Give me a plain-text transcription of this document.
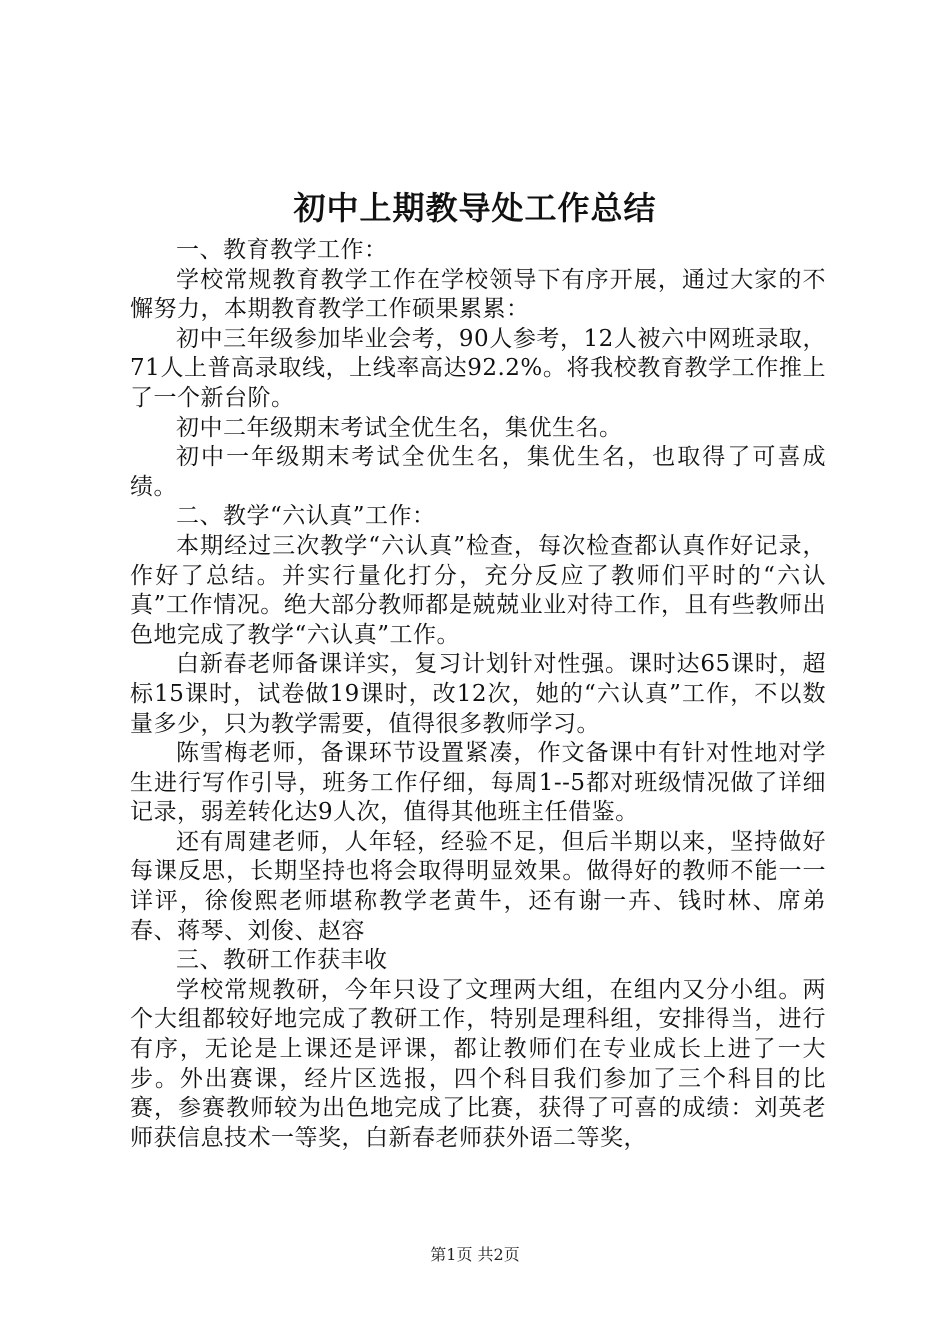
初中上期教导处工作总结

一、教育教学工作：

学校常规教育教学工作在学校领导下有序开展，通过大家的不懈努力，本期教育教学工作硕果累累：

初中三年级参加毕业会考，90人参考，12人被六中网班录取，71人上普高录取线，上线率高达92.2%。将我校教育教学工作推上了一个新台阶。

初中二年级期末考试全优生名，集优生名。

初中一年级期末考试全优生名，集优生名，也取得了可喜成绩。

二、教学“六认真”工作：

本期经过三次教学“六认真”检查，每次检查都认真作好记录，作好了总结。并实行量化打分，充分反应了教师们平时的“六认真”工作情况。绝大部分教师都是兢兢业业对待工作，且有些教师出色地完成了教学“六认真”工作。

白新春老师备课详实，复习计划针对性强。课时达65课时，超标15课时，试卷做19课时，改12次，她的“六认真”工作，不以数量多少，只为教学需要，值得很多教师学习。

陈雪梅老师，备课环节设置紧凑，作文备课中有针对性地对学生进行写作引导，班务工作仔细，每周1--5都对班级情况做了详细记录，弱差转化达9人次，值得其他班主任借鉴。

还有周建老师，人年轻，经验不足，但后半期以来，坚持做好每课反思，长期坚持也将会取得明显效果。做得好的教师不能一一详评，徐俊熙老师堪称教学老黄牛，还有谢一卉、钱时林、席弟春、蒋琴、刘俊、赵容

三、教研工作获丰收

学校常规教研，今年只设了文理两大组，在组内又分小组。两个大组都较好地完成了教研工作，特别是理科组，安排得当，进行有序，无论是上课还是评课，都让教师们在专业成长上进了一大步。外出赛课，经片区选报，四个科目我们参加了三个科目的比赛，参赛教师较为出色地完成了比赛，获得了可喜的成绩：刘英老师获信息技术一等奖，白新春老师获外语二等奖，

第1页 共2页
